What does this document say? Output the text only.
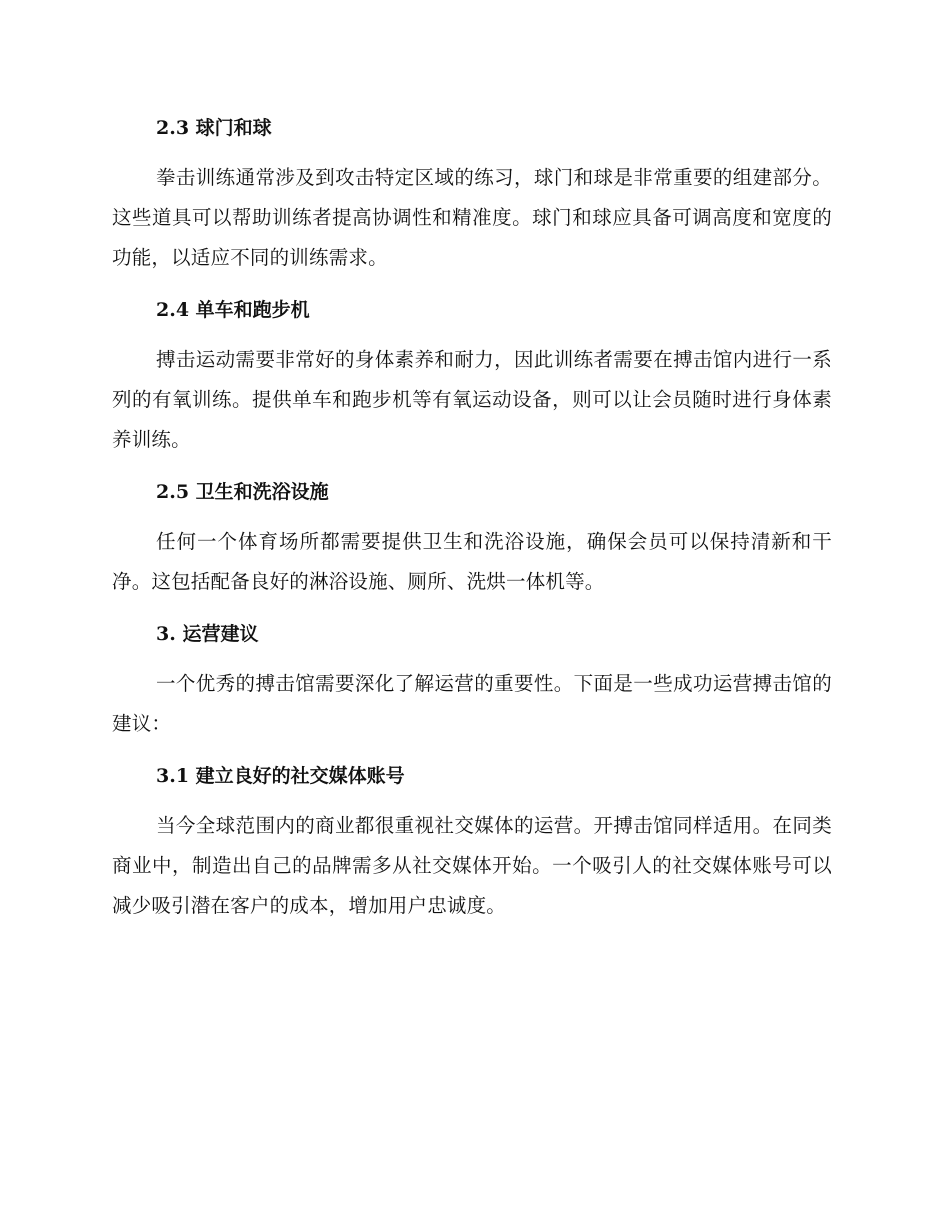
2.3 球门和球
拳击训练通常涉及到攻击特定区域的练习，球门和球是非常重要的组建部分。这些道具可以帮助训练者提高协调性和精准度。球门和球应具备可调高度和宽度的功能，以适应不同的训练需求。
2.4 单车和跑步机
搏击运动需要非常好的身体素养和耐力，因此训练者需要在搏击馆内进行一系列的有氧训练。提供单车和跑步机等有氧运动设备，则可以让会员随时进行身体素养训练。
2.5 卫生和洗浴设施
任何一个体育场所都需要提供卫生和洗浴设施，确保会员可以保持清新和干净。这包括配备良好的淋浴设施、厕所、洗烘一体机等。
3. 运营建议
一个优秀的搏击馆需要深化了解运营的重要性。下面是一些成功运营搏击馆的建议：
3.1 建立良好的社交媒体账号
当今全球范围内的商业都很重视社交媒体的运营。开搏击馆同样适用。在同类商业中，制造出自己的品牌需多从社交媒体开始。一个吸引人的社交媒体账号可以减少吸引潜在客户的成本，增加用户忠诚度。
